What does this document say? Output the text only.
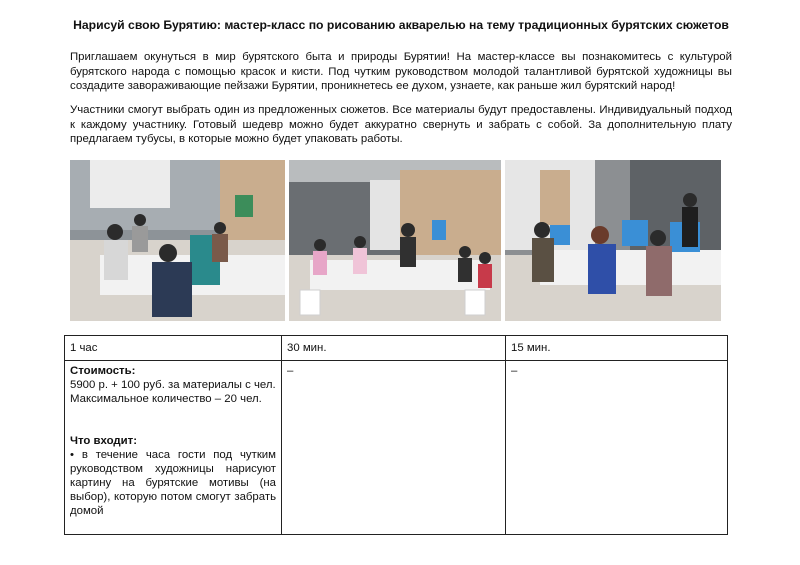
Нарисуй свою Бурятию: мастер-класс по рисованию акварелью на тему традиционных бурятских сюжетов

Приглашаем окунуться в мир бурятского быта и природы Бурятии! На мастер-классе вы познакомитесь с культурой бурятского народа с помощью красок и кисти. Под чутким руководством молодой талантливой бурятской художницы вы создадите завораживающие пейзажи Бурятии, проникнетесь ее духом, узнаете, как раньше жил бурятский народ!

Участники смогут выбрать один из предложенных сюжетов. Все материалы будут предоставлены. Индивидуальный подход к каждому участнику. Готовый шедевр можно будет аккуратно свернуть и забрать с собой. За дополнительную плату предлагаем тубусы, в которые можно будет упаковать работы.

1 час	30 мин.	15 мин.

Стоимость:
5900 р. + 100 руб. за материалы с чел.
Максимальное количество – 20 чел.
Что входит:
• в течение часа гости под чутким руководством художницы нарисуют картину на бурятские мотивы (на выбор), которую потом смогут забрать домой	–	–
